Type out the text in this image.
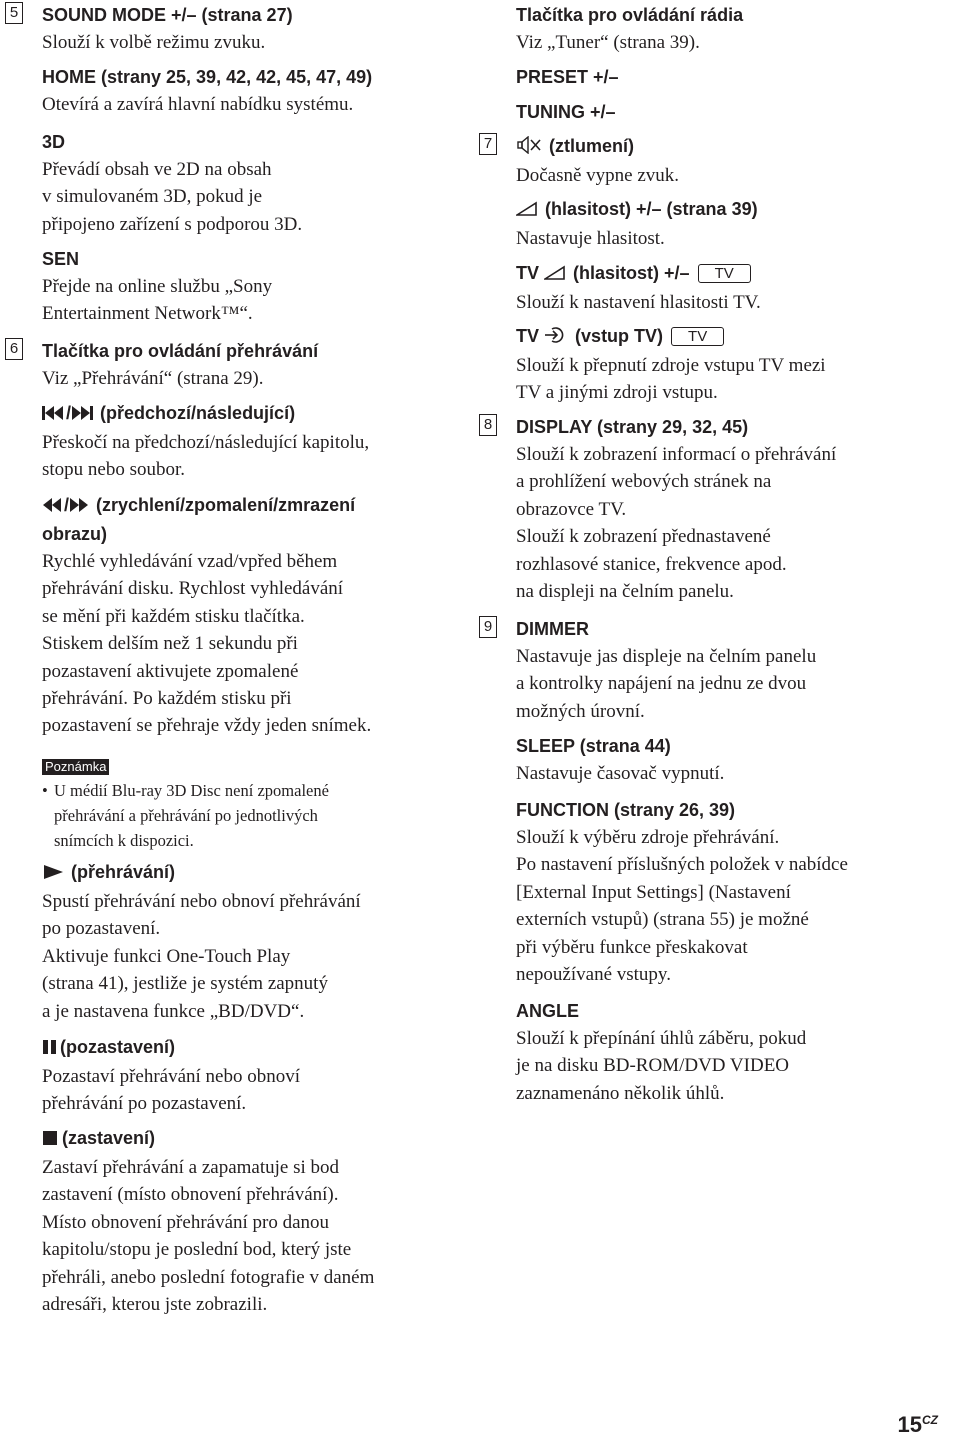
5 SOUND MODE +/– (strana 27)
Slouží k volbě režimu zvuku.
HOME (strany 25, 39, 42, 42, 45, 47, 49)
Otevírá a zavírá hlavní nabídku systému.
3D
Převádí obsah ve 2D na obsah
v simulovaném 3D, pokud je
připojeno zařízení s podporou 3D.
SEN
Přejde na online službu „Sony
Entertainment Network™“.
6 Tlačítka pro ovládání přehrávání
Viz „Přehrávání“ (strana 29).
/ (předchozí/následující)
Přeskočí na předchozí/následující kapitolu,
stopu nebo soubor.
/ (zrychlení/zpomalení/zmrazení
obrazu)
Rychlé vyhledávání vzad/vpřed během
přehrávání disku. Rychlost vyhledávání
se mění při každém stisku tlačítka.
Stiskem delším než 1 sekundu při
pozastavení aktivujete zpomalené
přehrávání. Po každém stisku při
pozastavení se přehraje vždy jeden snímek.
Poznámka
• U médií Blu-ray 3D Disc není zpomalené
přehrávání a přehrávání po jednotlivých
snímcích k dispozici.
(přehrávání)
Spustí přehrávání nebo obnoví přehrávání
po pozastavení.
Aktivuje funkci One-Touch Play
(strana 41), jestliže je systém zapnutý
a je nastavena funkce „BD/DVD“.
(pozastavení)
Pozastaví přehrávání nebo obnoví
přehrávání po pozastavení.
(zastavení)
Zastaví přehrávání a zapamatuje si bod
zastavení (místo obnovení přehrávání).
Místo obnovení přehrávání pro danou
kapitolu/stopu je poslední bod, který jste
přehráli, anebo poslední fotografie v daném
adresáři, kterou jste zobrazili.
Tlačítka pro ovládání rádia
Viz „Tuner“ (strana 39).
PRESET +/–
TUNING +/–
7	(ztlumení)
Dočasně vypne zvuk.
(hlasitost) +/– (strana 39)
Nastavuje hlasitost.
TV (hlasitost) +/– TV
Slouží k nastavení hlasitosti TV.
TV (vstup TV) TV
Slouží k přepnutí zdroje vstupu TV mezi
TV a jinými zdroji vstupu.
8 DISPLAY (strany 29, 32, 45)
Slouží k zobrazení informací o přehrávání
a prohlížení webových stránek na
obrazovce TV.
Slouží k zobrazení přednastavené
rozhlasové stanice, frekvence apod.
na displeji na čelním panelu.
9 DIMMER
Nastavuje jas displeje na čelním panelu
a kontrolky napájení na jednu ze dvou
možných úrovní.
SLEEP (strana 44)
Nastavuje časovač vypnutí.
FUNCTION (strany 26, 39)
Slouží k výběru zdroje přehrávání.
Po nastavení příslušných položek v nabídce
[External Input Settings] (Nastavení
externích vstupů) (strana 55) je možné
při výběru funkce přeskakovat
nepoužívané vstupy.
ANGLE
Slouží k přepínání úhlů záběru, pokud
je na disku BD-ROM/DVD VIDEO
zaznamenáno několik úhlů.
$15^{CZ}$
